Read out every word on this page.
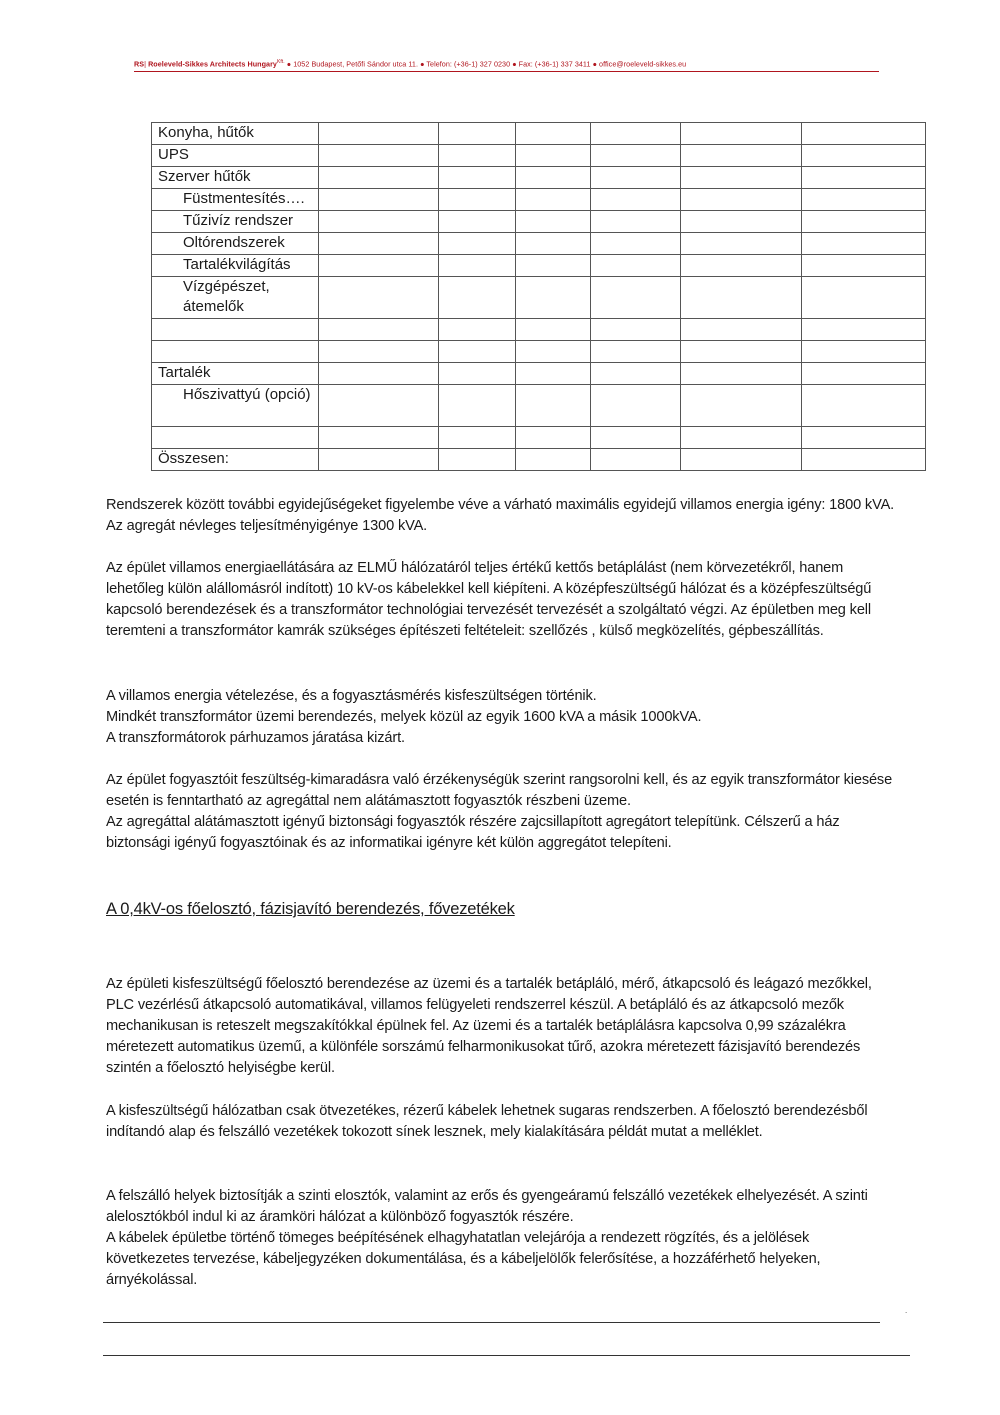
RS| Roeleveld-Sikkes Architects Hungary$^{Kft.}$ ● 1052 Budapest, Petőfi Sándor utca 11. ● Telefon: (+36-1) 327 0230 ● Fax: (+36-1) 337 3411 ● office@roeleveld-sikkes.eu
Konyha, hűtők						
UPS						
Szerver hűtők						
Füstmentesítés….						
Tűzivíz rendszer						
Oltórendszerek						
Tartalékvilágítás						
Vízgépészet, átemelők						

Tartalék						
Hőszivattyú (opció)						

Összesen:						

Rendszerek között további egyidejűségeket figyelembe véve a várható maximális egyidejű villamos energia igény: 1800 kVA. Az agregát névleges teljesítményigénye 1300 kVA.

Az épület villamos energiaellátására az ELMŰ hálózatáról teljes értékű kettős betáplálást (nem körvezetékről, hanem lehetőleg külön alállomásról indított) 10 kV-os kábelekkel kell kiépíteni. A középfeszültségű hálózat és a középfeszültségű kapcsoló berendezések és a transzformátor technológiai tervezését tervezését a szolgáltató végzi. Az épületben meg kell teremteni a transzformátor kamrák szükséges építészeti feltételeit: szellőzés , külső megközelítés, gépbeszállítás.

A villamos energia vételezése, és a fogyasztásmérés kisfeszültségen történik.

Mindkét transzformátor üzemi berendezés, melyek közül az egyik 1600 kVA a másik 1000kVA.

A transzformátorok párhuzamos járatása kizárt.

Az épület fogyasztóit feszültség-kimaradásra való érzékenységük szerint rangsorolni kell, és az egyik transzformátor kiesése esetén is fenntartható az agregáttal nem alátámasztott fogyasztók részbeni üzeme.

Az agregáttal alátámasztott igényű biztonsági fogyasztók részére zajcsillapított agregátort telepítünk. Célszerű a ház biztonsági igényű fogyasztóinak és az informatikai igényre két külön aggregátot telepíteni.

A 0,4kV-os főelosztó, fázisjavító berendezés, fővezetékek

Az épületi kisfeszültségű főelosztó berendezése az üzemi és a tartalék betápláló, mérő, átkapcsoló és leágazó mezőkkel, PLC vezérlésű átkapcsoló automatikával, villamos felügyeleti rendszerrel készül. A betápláló és az átkapcsoló mezők mechanikusan is reteszelt megszakítókkal épülnek fel. Az üzemi és a tartalék betáplálásra kapcsolva 0,99 százalékra méretezett automatikus üzemű, a különféle sorszámú felharmonikusokat tűrő, azokra méretezett fázisjavító berendezés szintén a főelosztó helyiségbe kerül.

A kisfeszültségű hálózatban csak ötvezetékes, rézerű kábelek lehetnek sugaras rendszerben. A főelosztó berendezésből indítandó alap és felszálló vezetékek tokozott sínek lesznek, mely kialakítására példát mutat a melléklet.

A felszálló helyek biztosítják a szinti elosztók, valamint az erős és gyengeáramú felszálló vezetékek elhelyezését. A szinti alelosztókból indul ki az áramköri hálózat a különböző fogyasztók részére.

A kábelek épületbe történő tömeges beépítésének elhagyhatatlan velejárója a rendezett rögzítés, és a jelölések következetes tervezése, kábeljegyzéken dokumentálása, és a kábeljelölők felerősítése, a hozzáférhető helyeken, árnyékolással.

.
